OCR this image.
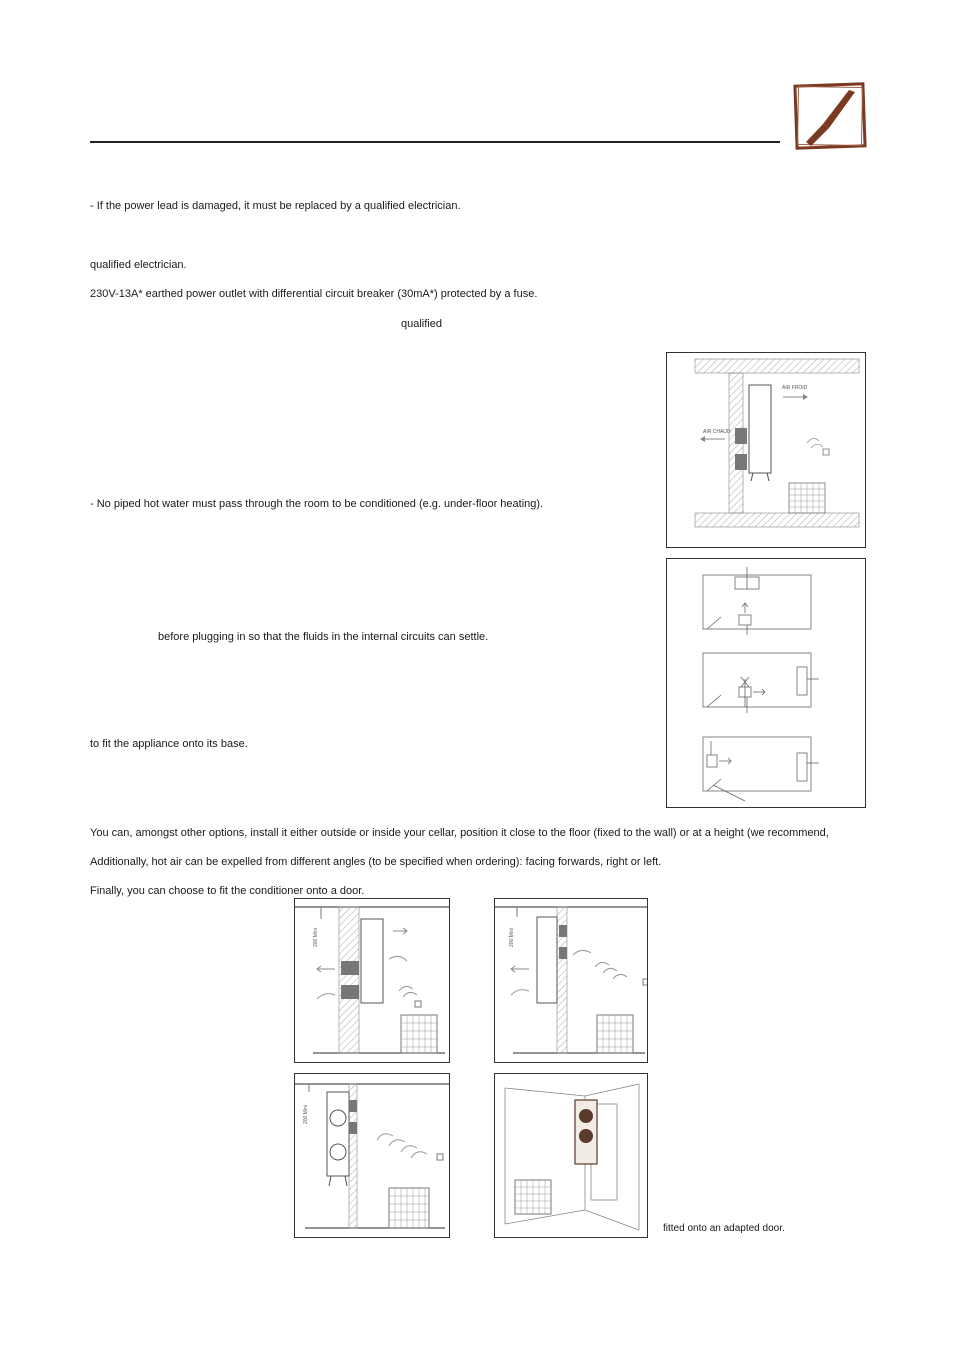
- If the power lead is damaged, it must be replaced by a qualified electrician.
qualified electrician.
230V-13A* earthed power outlet with differential circuit breaker (30mA*) protected by a fuse.
qualified
- No piped hot water must pass through the room to be conditioned (e.g. under-floor heating).
before plugging in so that the fluids in the internal circuits can settle.
to fit the appliance onto its base.
You can, amongst other options, install it either outside or inside your cellar, position it close to the floor (fixed to the wall) or at a height (we recommend,
Additionally, hot air can be expelled from different angles (to be specified when ordering): facing forwards, right or left.
Finally, you can choose to fit the conditioner onto a door.
fitted onto an adapted door.
AIR FROID
AIR CHAUD
200 Mini	200 Mini
200 Mini
